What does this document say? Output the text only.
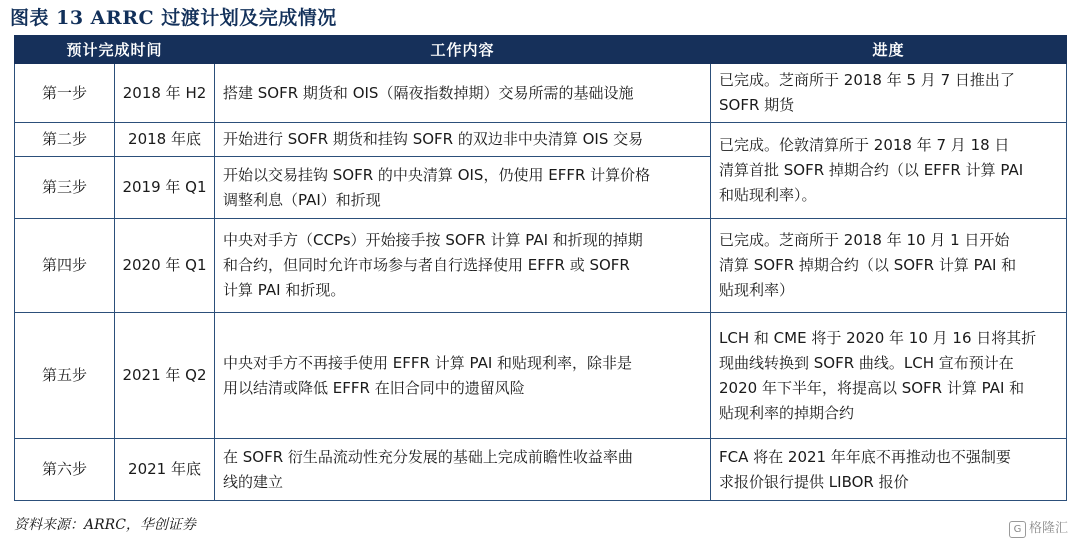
图表 13 ARRC 过渡计划及完成情况
预计完成时间		工作内容	进度
第一步	2018 年 H2	搭建 SOFR 期货和 OIS（隔夜指数掉期）交易所需的基础设施	已完成。芝商所于 2018 年 5 月 7 日推出了
SOFR 期货

第二步	2018 年底	开始进行 SOFR 期货和挂钩 SOFR 的双边非中央清算 OIS 交易	已完成。伦敦清算所于 2018 年 7 月 18 日
清算首批 SOFR 掉期合约（以 EFFR 计算 PAI
和贴现利率）。

第三步	2019 年 Q1	开始以交易挂钩 SOFR 的中央清算 OIS，仍使用 EFFR 计算价格
调整利息（PAI）和折现	

第四步	2020 年 Q1	中央对手方（CCPs）开始接手按 SOFR 计算 PAI 和折现的掉期
和合约，但同时允许市场参与者自行选择使用 EFFR 或 SOFR
计算 PAI 和折现。	已完成。芝商所于 2018 年 10 月 1 日开始
清算 SOFR 掉期合约（以 SOFR 计算 PAI 和
贴现利率）

第五步	2021 年 Q2	中央对手方不再接手使用 EFFR 计算 PAI 和贴现利率，除非是
用以结清或降低 EFFR 在旧合同中的遗留风险	LCH 和 CME 将于 2020 年 10 月 16 日将其折
现曲线转换到 SOFR 曲线。LCH 宣布预计在
2020 年下半年，将提高以 SOFR 计算 PAI 和
贴现利率的掉期合约

第六步	2021 年底	在 SOFR 衍生品流动性充分发展的基础上完成前瞻性收益率曲
线的建立	FCA 将在 2021 年年底不再推动也不强制要
求报价银行提供 LIBOR 报价
资料来源：ARRC，华创证券	G 格隆汇
